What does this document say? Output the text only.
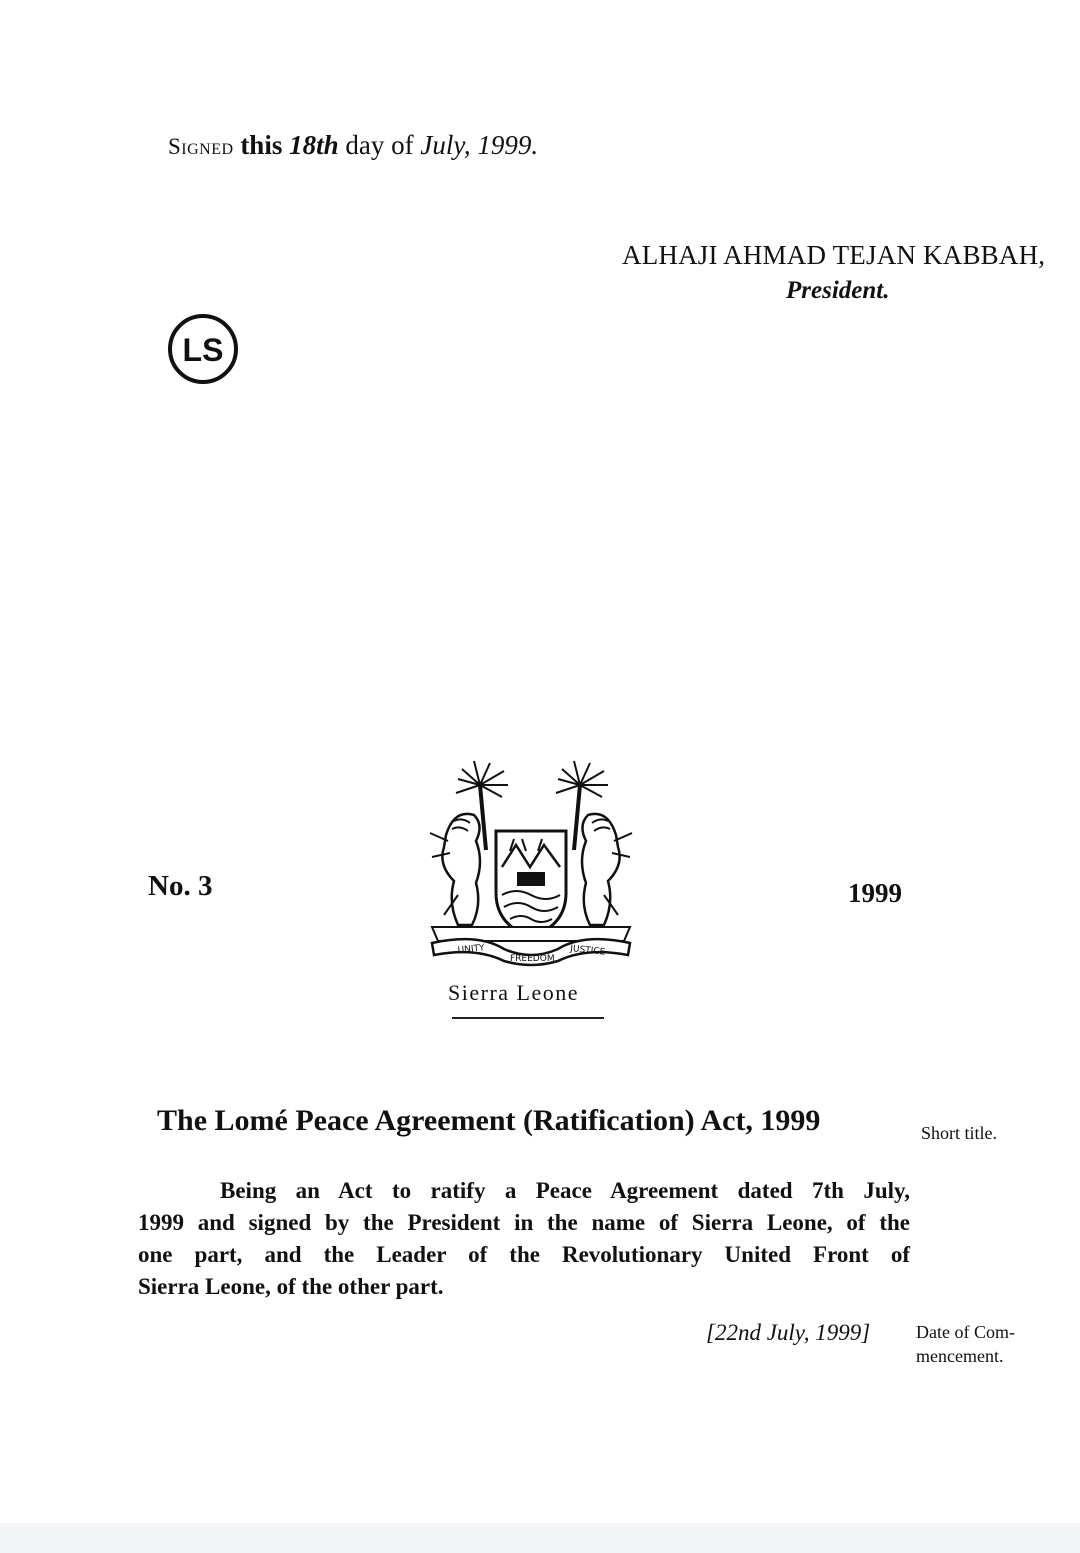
Signed this 18th day of July, 1999.
ALHAJI AHMAD TEJAN KABBAH,
President.
LS
No. 3
UNITY
FREEDOM
JUSTICE
1999
Sierra Leone
The Lomé Peace Agreement (Ratification) Act, 1999	Short title.
Being an Act to ratify a Peace Agreement dated 7th July,
1999 and signed by the President in the name of Sierra Leone, of the
one part, and the Leader of the Revolutionary United Front of
Sierra Leone, of the other part.
[22nd July, 1999]	Date of Com- mencement.
